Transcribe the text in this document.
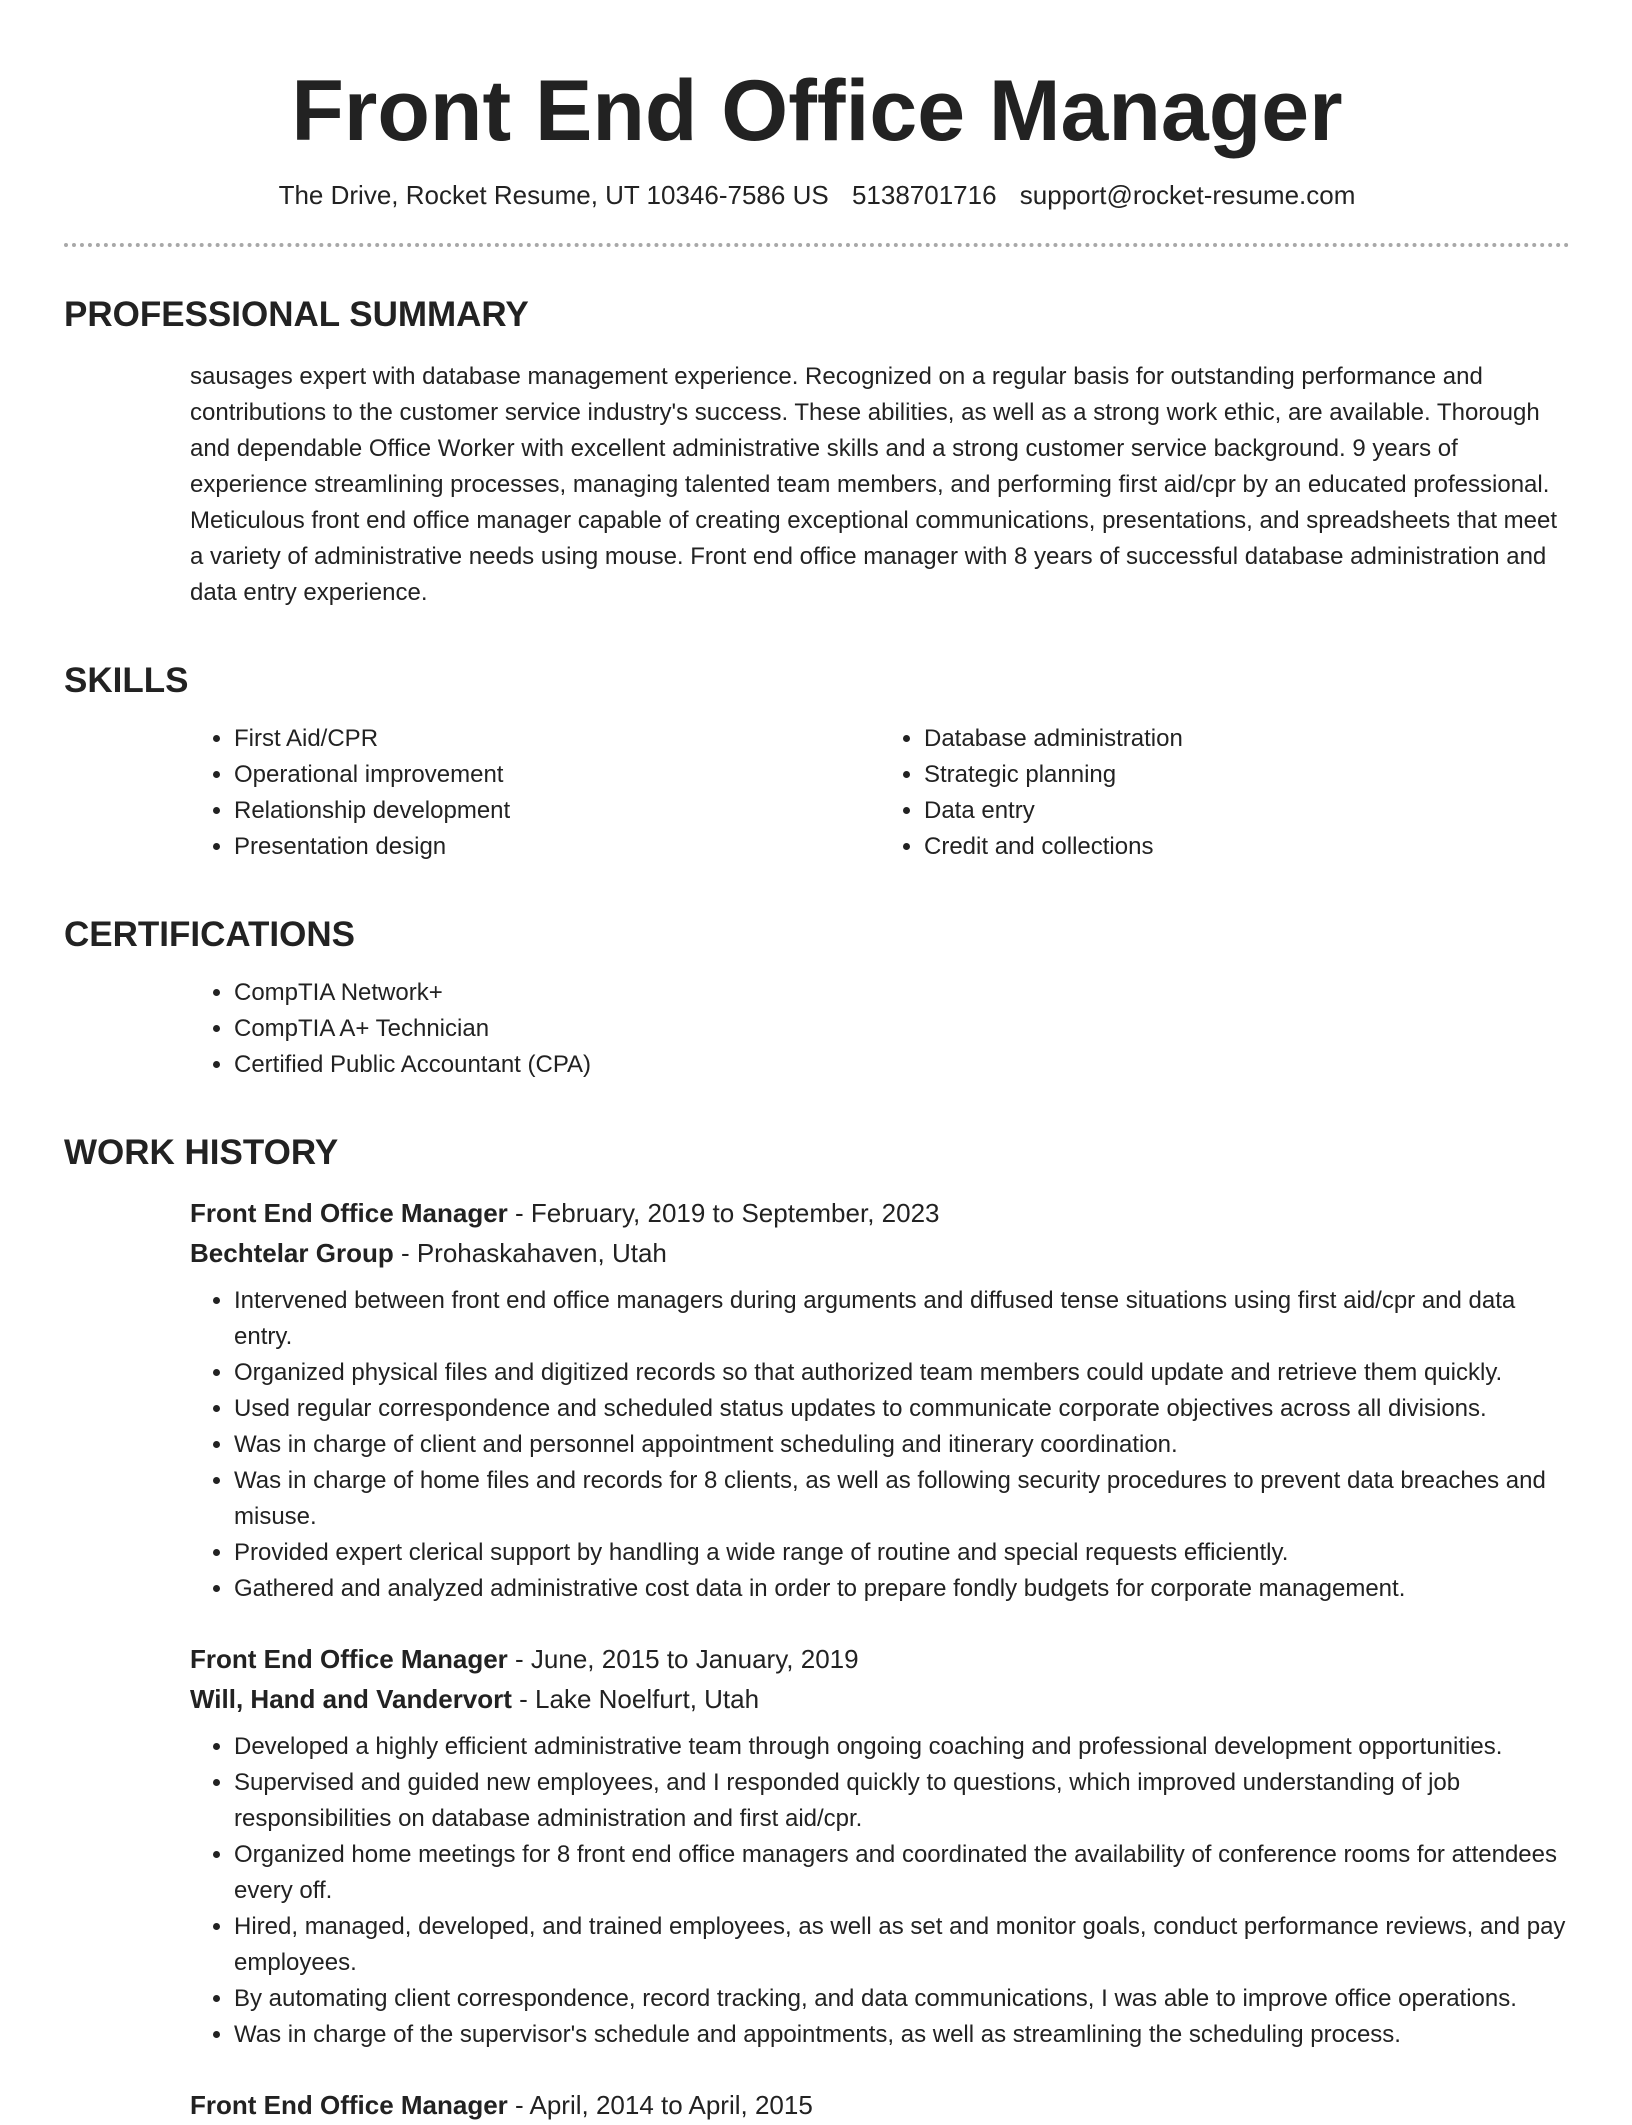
Front End Office Manager
The Drive, Rocket Resume, UT 10346-7586 US 5138701716 support@rocket-resume.com
PROFESSIONAL SUMMARY
sausages expert with database management experience. Recognized on a regular basis for outstanding performance and contributions to the customer service industry's success. These abilities, as well as a strong work ethic, are available. Thorough and dependable Office Worker with excellent administrative skills and a strong customer service background. 9 years of experience streamlining processes, managing talented team members, and performing first aid/cpr by an educated professional. Meticulous front end office manager capable of creating exceptional communications, presentations, and spreadsheets that meet a variety of administrative needs using mouse. Front end office manager with 8 years of successful database administration and data entry experience.
SKILLS
• First Aid/CPR
• Operational improvement
• Relationship development
• Presentation design
• Database administration
• Strategic planning
• Data entry
• Credit and collections
CERTIFICATIONS
• CompTIA Network+
• CompTIA A+ Technician
• Certified Public Accountant (CPA)
WORK HISTORY
Front End Office Manager - February, 2019 to September, 2023
Bechtelar Group - Prohaskahaven, Utah
• Intervened between front end office managers during arguments and diffused tense situations using first aid/cpr and data entry.
• Organized physical files and digitized records so that authorized team members could update and retrieve them quickly.
• Used regular correspondence and scheduled status updates to communicate corporate objectives across all divisions.
• Was in charge of client and personnel appointment scheduling and itinerary coordination.
• Was in charge of home files and records for 8 clients, as well as following security procedures to prevent data breaches and misuse.
• Provided expert clerical support by handling a wide range of routine and special requests efficiently.
• Gathered and analyzed administrative cost data in order to prepare fondly budgets for corporate management.
Front End Office Manager - June, 2015 to January, 2019
Will, Hand and Vandervort - Lake Noelfurt, Utah
• Developed a highly efficient administrative team through ongoing coaching and professional development opportunities.
• Supervised and guided new employees, and I responded quickly to questions, which improved understanding of job responsibilities on database administration and first aid/cpr.
• Organized home meetings for 8 front end office managers and coordinated the availability of conference rooms for attendees every off.
• Hired, managed, developed, and trained employees, as well as set and monitor goals, conduct performance reviews, and pay employees.
• By automating client correspondence, record tracking, and data communications, I was able to improve office operations.
• Was in charge of the supervisor's schedule and appointments, as well as streamlining the scheduling process.
Front End Office Manager - April, 2014 to April, 2015
